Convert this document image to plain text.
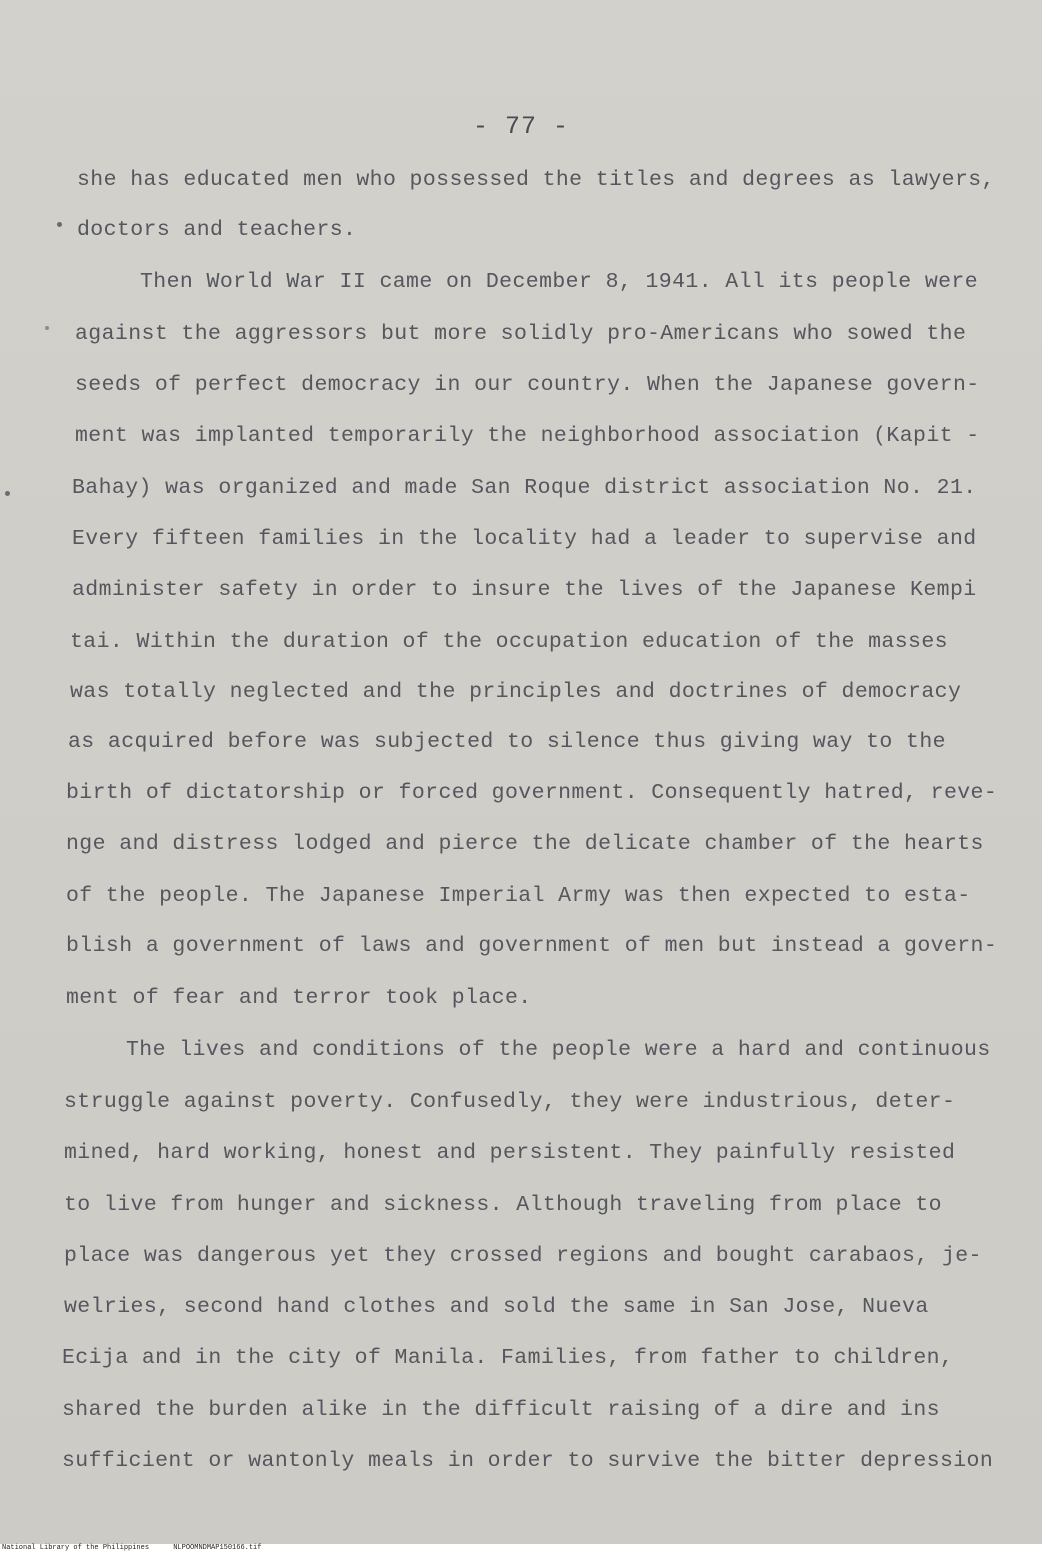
- 77 -
she has educated men who possessed the titles and degrees as lawyers,
doctors and teachers.
Then World War II came on December 8, 1941. All its people were
against the aggressors but more solidly pro-Americans who sowed the
seeds of perfect democracy in our country. When the Japanese govern-
ment was implanted temporarily the neighborhood association (Kapit -
Bahay) was organized and made San Roque district association No. 21.
Every fifteen families in the locality had a leader to supervise and
administer safety in order to insure the lives of the Japanese Kempi
tai. Within the duration of the occupation education of the masses
was totally neglected and the principles and doctrines of democracy
as acquired before was subjected to silence thus giving way to the
birth of dictatorship or forced government. Consequently hatred, reve-
nge and distress lodged and pierce the delicate chamber of the hearts
of the people. The Japanese Imperial Army was then expected to esta-
blish a government of laws and government of men but instead a govern-
ment of fear and terror took place.
The lives and conditions of the people were a hard and continuous
struggle against poverty. Confusedly, they were industrious, deter-
mined, hard working, honest and persistent. They painfully resisted
to live from hunger and sickness. Although traveling from place to
place was dangerous yet they crossed regions and bought carabaos, je-
welries, second hand clothes and sold the same in San Jose, Nueva
Ecija and in the city of Manila. Families, from father to children,
shared the burden alike in the difficult raising of a dire and ins
sufficient or wantonly meals in order to survive the bitter depression
National Library of the Philippines	NLPOOMNDMAP150166.tif
